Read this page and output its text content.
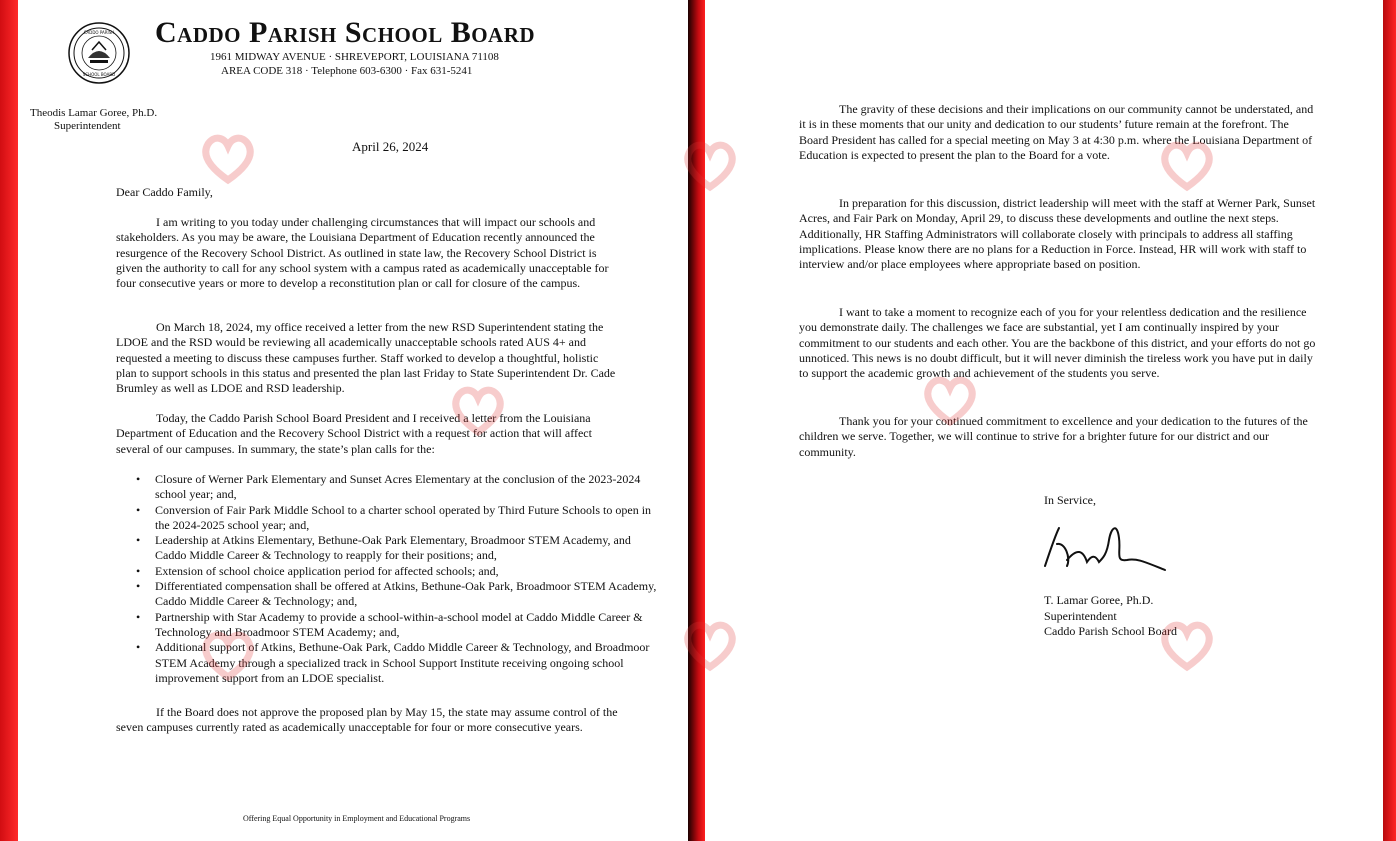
CADDO PARISH
SCHOOL BOARD
Caddo Parish School Board
1961 MIDWAY AVENUE · SHREVEPORT, LOUISIANA 71108
AREA CODE 318 · Telephone 603-6300 · Fax 631-5241
Theodis Lamar Goree, Ph.D.
Superintendent
April 26, 2024
Dear Caddo Family,

I am writing to you today under challenging circumstances that will impact our schools and stakeholders. As you may be aware, the Louisiana Department of Education recently announced the resurgence of the Recovery School District. As outlined in state law, the Recovery School District is given the authority to call for any school system with a campus rated as academically unacceptable for four consecutive years or more to develop a reconstitution plan or call for closure of the campus.

On March 18, 2024, my office received a letter from the new RSD Superintendent stating the LDOE and the RSD would be reviewing all academically unacceptable schools rated AUS 4+ and requested a meeting to discuss these campuses further. Staff worked to develop a thoughtful, holistic plan to support schools in this status and presented the plan last Friday to State Superintendent Dr. Cade Brumley as well as LDOE and RSD leadership.

Today, the Caddo Parish School Board President and I received a letter from the Louisiana Department of Education and the Recovery School District with a request for action that will affect several of our campuses. In summary, the state’s plan calls for the:

• Closure of Werner Park Elementary and Sunset Acres Elementary at the conclusion of the 2023-2024 school year; and,
• Conversion of Fair Park Middle School to a charter school operated by Third Future Schools to open in the 2024-2025 school year; and,
• Leadership at Atkins Elementary, Bethune-Oak Park Elementary, Broadmoor STEM Academy, and Caddo Middle Career & Technology to reapply for their positions; and,
• Extension of school choice application period for affected schools; and,
• Differentiated compensation shall be offered at Atkins, Bethune-Oak Park, Broadmoor STEM Academy, Caddo Middle Career & Technology; and,
• Partnership with Star Academy to provide a school-within-a-school model at Caddo Middle Career & Technology and Broadmoor STEM Academy; and,
• Additional support of Atkins, Bethune-Oak Park, Caddo Middle Career & Technology, and Broadmoor STEM Academy through a specialized track in School Support Institute receiving ongoing school improvement support from an LDOE specialist.

If the Board does not approve the proposed plan by May 15, the state may assume control of the seven campuses currently rated as academically unacceptable for four or more consecutive years.

Offering Equal Opportunity in Employment and Educational Programs

The gravity of these decisions and their implications on our community cannot be understated, and it is in these moments that our unity and dedication to our students’ future remain at the forefront. The Board President has called for a special meeting on May 3 at 4:30 p.m. where the Louisiana Department of Education is expected to present the plan to the Board for a vote.

In preparation for this discussion, district leadership will meet with the staff at Werner Park, Sunset Acres, and Fair Park on Monday, April 29, to discuss these developments and outline the next steps. Additionally, HR Staffing Administrators will collaborate closely with principals to address all staffing implications. Please know there are no plans for a Reduction in Force. Instead, HR will work with staff to interview and/or place employees where appropriate based on position.

I want to take a moment to recognize each of you for your relentless dedication and the resilience you demonstrate daily. The challenges we face are substantial, yet I am continually inspired by your commitment to our students and each other. You are the backbone of this district, and your efforts do not go unnoticed. This news is no doubt difficult, but it will never diminish the tireless work you have put in daily to support the academic growth and achievement of the students you serve.

Thank you for your continued commitment to excellence and your dedication to the futures of the children we serve. Together, we will continue to strive for a brighter future for our district and our community.

In Service,
T. Lamar Goree, Ph.D.
Superintendent
Caddo Parish School Board
